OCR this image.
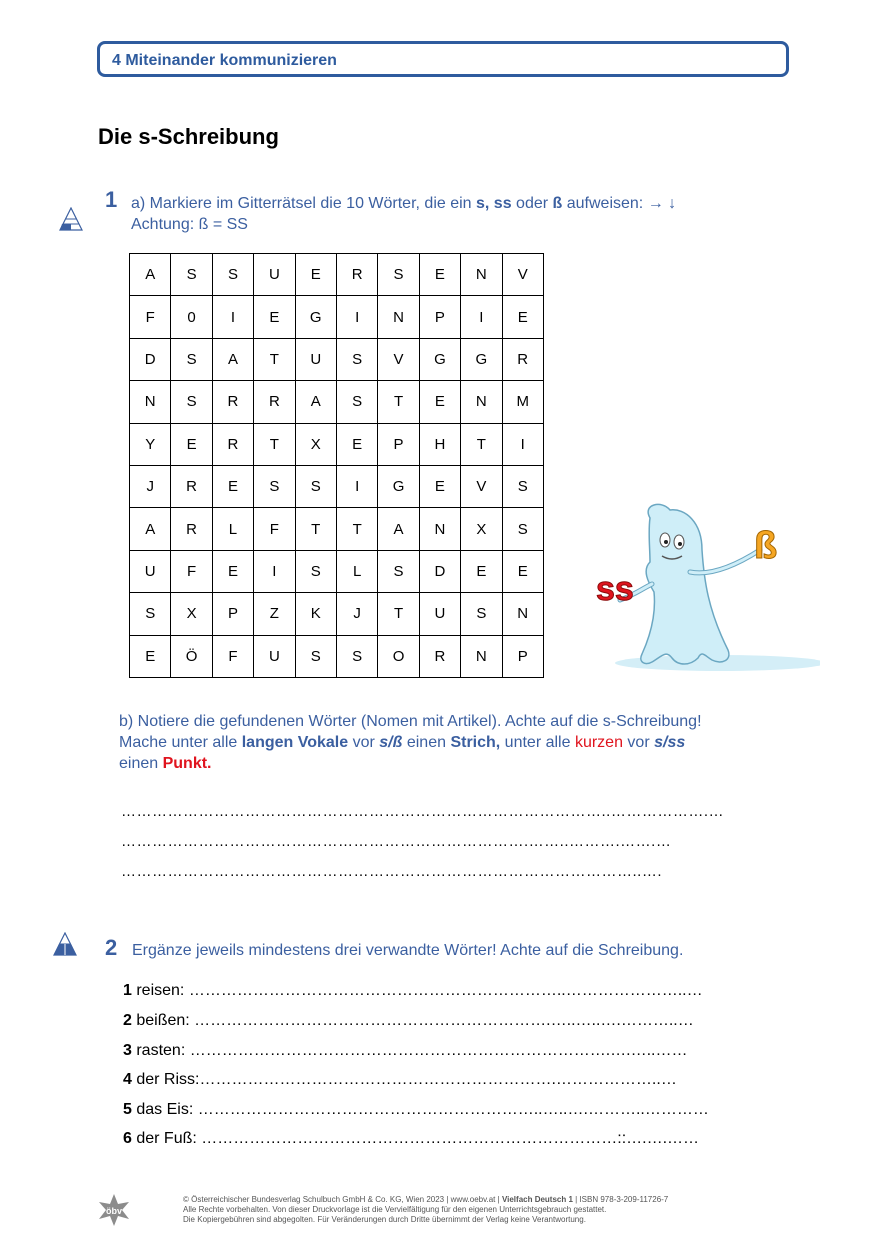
4 Miteinander kommunizieren
Die s-Schreibung
1 a) Markiere im Gitterrätsel die 10 Wörter, die ein s, ss oder ß aufweisen: → ↓
Achtung: ß = SS
A	S	S	U	E	R	S	E	N	V
F	0	I	E	G	I	N	P	I	E
D	S	A	T	U	S	V	G	G	R
N	S	R	R	A	S	T	E	N	M
Y	E	R	T	X	E	P	H	T	I
J	R	E	S	S	I	G	E	V	S
A	R	L	F	T	T	A	N	X	S
U	F	E	I	S	L	S	D	E	E
S	X	P	Z	K	J	T	U	S	N
E	Ö	F	U	S	S	O	R	N	P
ss
ß
b) Notiere die gefundenen Wörter (Nomen mit Artikel). Achte auf die s-Schreibung!
Mache unter alle langen Vokale vor s/ß einen Strich, unter alle kurzen vor s/ss
einen Punkt.
…………………………………………………………………………………..……………….…
…………………………………………………………………….……..……….…….…
………………………………………………………………………………………..….
2 Ergänze jeweils mindestens drei verwandte Wörter! Achte auf die Schreibung.
1 reisen: ……………………………………………………………..…………………..…
2 beißen: ………………………………………………………….…..…..….………..…
3 rasten: …………………………………………………………………….….…..……
4 der Riss:………………………………………………………….………………..…
5 das Eis: ………………………………………………………..…..….………..…………
6 der Fuß: ……………………………………………………………………::….….……
öbv
© Österreichischer Bundesverlag Schulbuch GmbH & Co. KG, Wien 2023 | www.oebv.at | Vielfach Deutsch 1 | ISBN 978-3-209-11726-7
Alle Rechte vorbehalten. Von dieser Druckvorlage ist die Vervielfältigung für den eigenen Unterrichtsgebrauch gestattet.
Die Kopiergebühren sind abgegolten. Für Veränderungen durch Dritte übernimmt der Verlag keine Verantwortung.
